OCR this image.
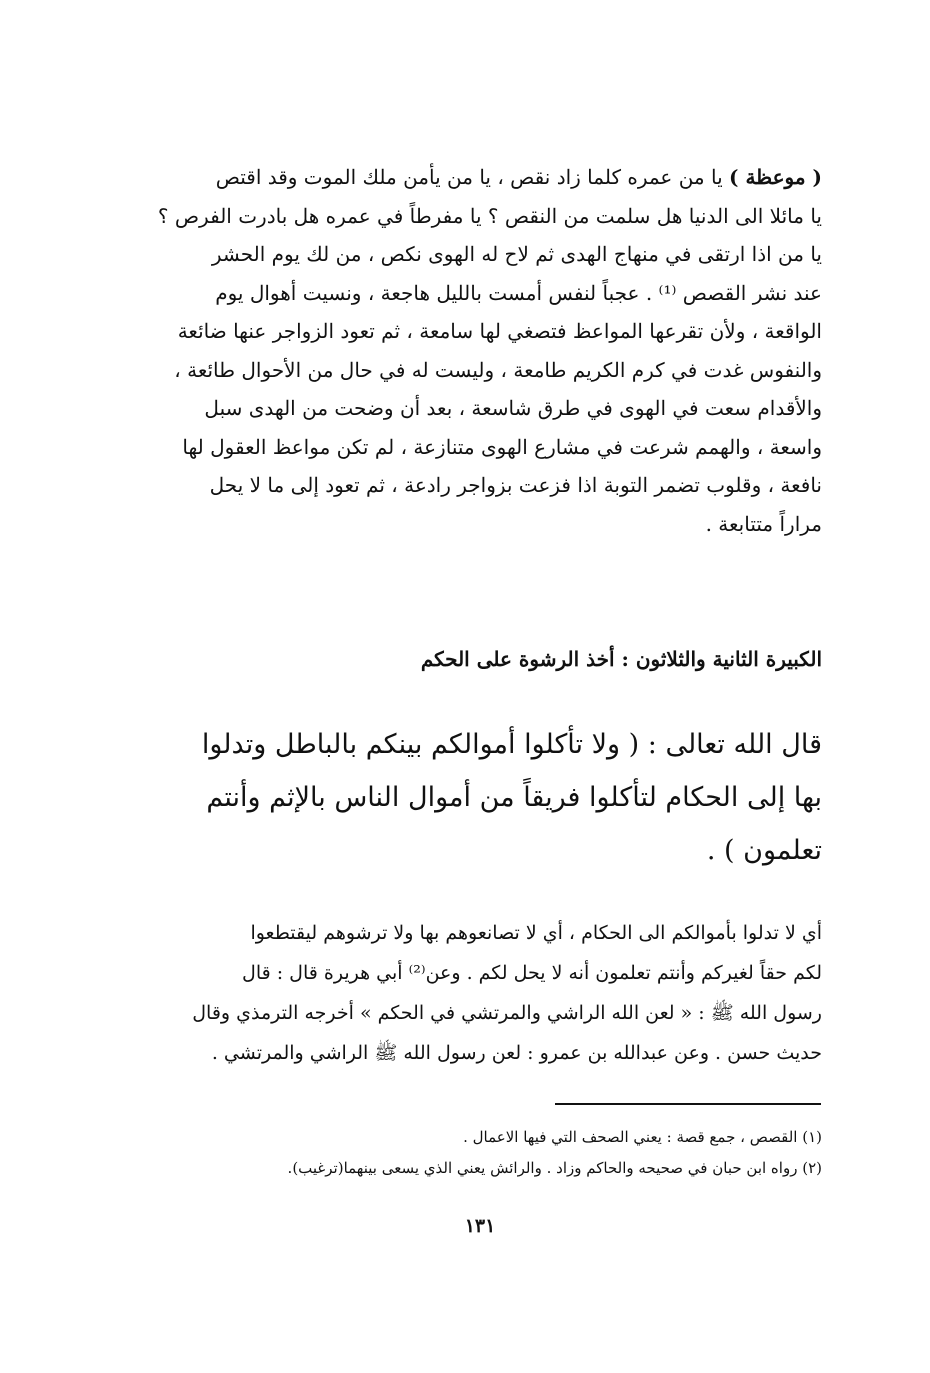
( موعظة ) يا من عمره كلما زاد نقص ، يا من يأمن ملك الموت وقد اقتص
يا مائلا الى الدنيا هل سلمت من النقص ؟ يا مفرطاً في عمره هل بادرت الفرص ؟
يا من اذا ارتقى في منهاج الهدى ثم لاح له الهوى نكص ، من لك يوم الحشر
عند نشر القصص ⁽¹⁾ . عجباً لنفس أمست بالليل هاجعة ، ونسيت أهوال يوم
الواقعة ، ولأن تقرعها المواعظ فتصغي لها سامعة ، ثم تعود الزواجر عنها ضائعة
والنفوس غدت في كرم الكريم طامعة ، وليست له في حال من الأحوال طائعة ،
والأقدام سعت في الهوى في طرق شاسعة ، بعد أن وضحت من الهدى سبل
واسعة ، والهمم شرعت في مشارع الهوى متنازعة ، لم تكن مواعظ العقول لها
نافعة ، وقلوب تضمر التوبة اذا فزعت بزواجر رادعة ، ثم تعود إلى ما لا يحل
مراراً متتابعة .
الكبيرة الثانية والثلاثون : أخذ الرشوة على الحكم
قال الله تعالى : ( ولا تأكلوا أموالكم بينكم بالباطل وتدلوا
بها إلى الحكام لتأكلوا فريقاً من أموال الناس بالإثم وأنتم
تعلمون ) .
أي لا تدلوا بأموالكم الى الحكام ، أي لا تصانعوهم بها ولا ترشوهم ليقتطعوا
لكم حقاً لغيركم وأنتم تعلمون أنه لا يحل لكم . وعن⁽²⁾ أبي هريرة قال : قال
رسول الله ﷺ : « لعن الله الراشي والمرتشي في الحكم » أخرجه الترمذي وقال
حديث حسن . وعن عبدالله بن عمرو : لعن رسول الله ﷺ الراشي والمرتشي .
(١) القصص ، جمع قصة : يعني الصحف التي فيها الاعمال .
(٢) رواه ابن حبان في صحيحه والحاكم وزاد . والرائش يعني الذي يسعى بينهما(ترغيب).
١٣١
